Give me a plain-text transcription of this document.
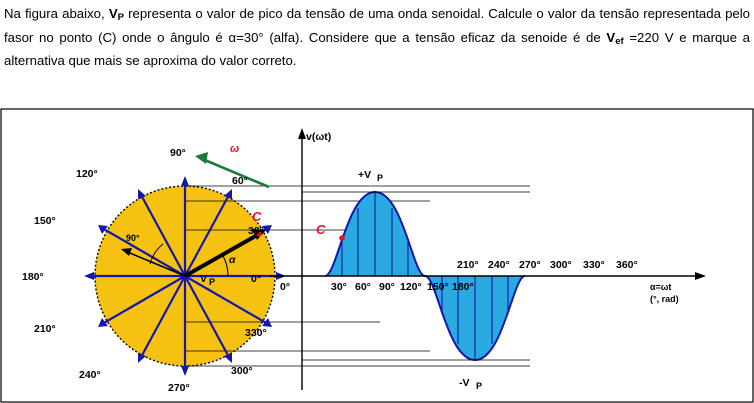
Na figura abaixo, $V_P$ representa o valor de pico da tensão de uma onda senoidal. Calcule o valor da tensão representada pelo fasor no ponto (C) onde o ângulo é α=30° (alfa). Considere que a tensão eficaz da senoide é de $V_{ef} =220$ V e marque a alternativa que mais se aproxima do valor correto.
90°
α
C
ω
V P
90°
120°
60°
150°
30°
180°	0°
210°	330°
240°	300°
270°
v(ωt)
C
+V P
-V P
0°	30° 60° 90° 120° 150° 180°
210° 240° 270° 300° 330° 360°
α=ωt
(°, rad)
